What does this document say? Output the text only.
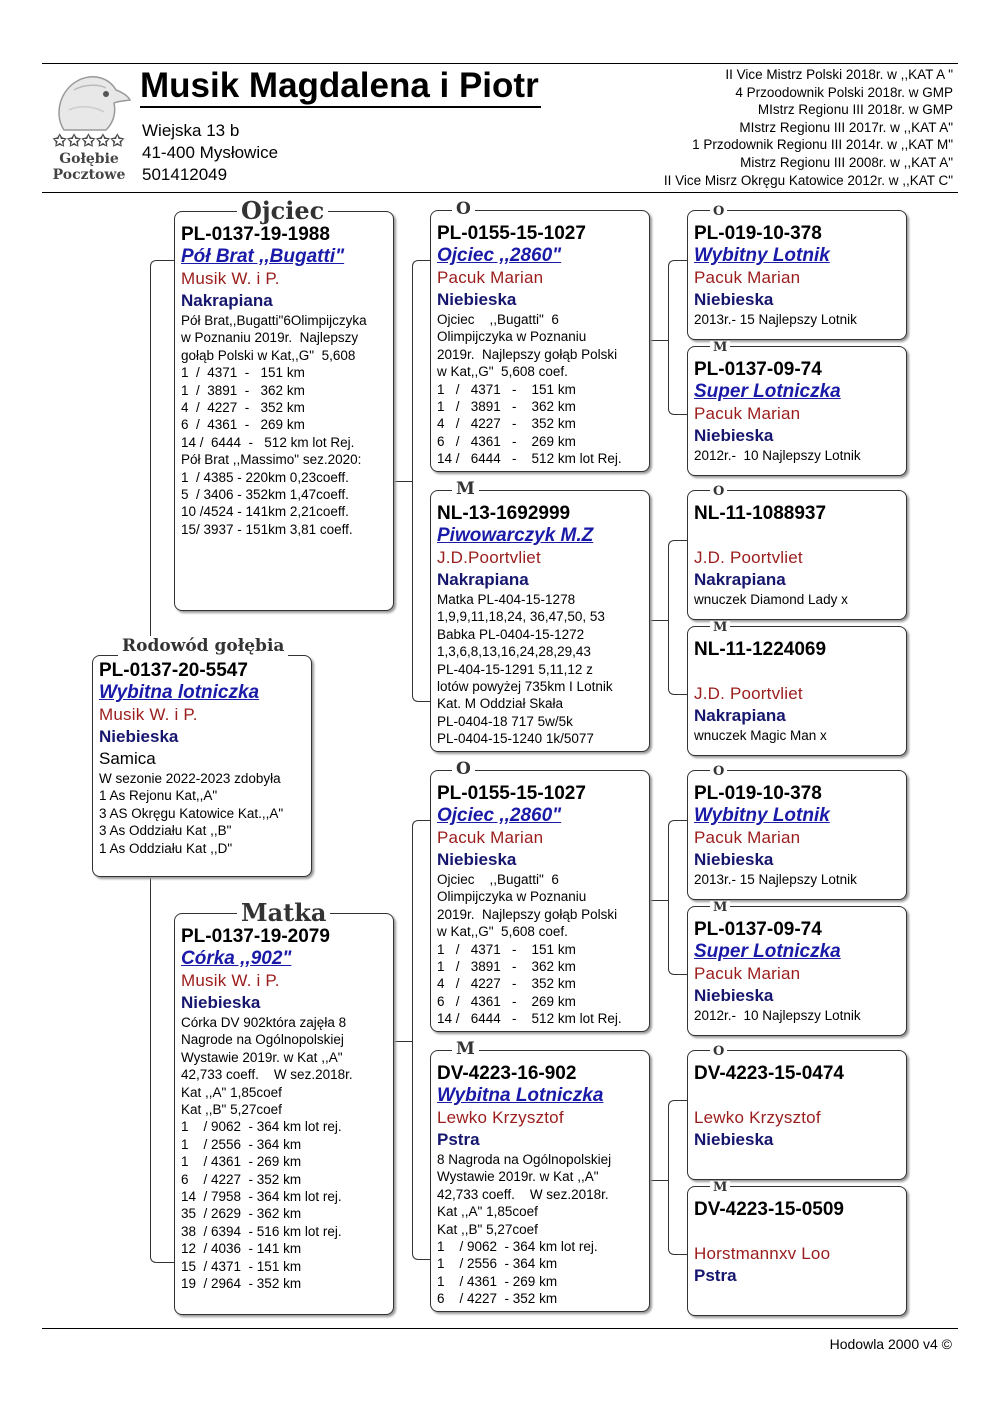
✩✩✩✩✩
Gołębie
Pocztowe
Musik Magdalena i Piotr
Wiejska 13 b
41-400 Mysłowice
501412049
II Vice Mistrz Polski 2018r. w ,,KAT A "
4 Przoodownik Polski 2018r. w GMP
MIstrz Regionu III 2018r. w GMP
MIstrz Regionu III 2017r. w ,,KAT A"
1 Przodownik Regionu III 2014r. w ,,KAT M"
Mistrz Regionu III 2008r. w ,,KAT A"
II Vice Misrz Okręgu Katowice 2012r. w ,,KAT C"
PL-0137-20-5547
Wybitna lotniczka
Musik W. i P.
Niebieska
Samica
W sezonie 2022-2023 zdobyła
1 As Rejonu Kat,,A"
3 AS Okręgu Katowice Kat.,,A"
3 As Oddziału Kat ,,B"
1 As Oddziału Kat ,,D"
Rodowód gołębia
PL-0137-19-1988
Pół Brat ,,Bugatti"
Musik W. i P.
Nakrapiana
Pół Brat,,Bugatti"6Olimpijczyka
w Poznaniu 2019r.  Najlepszy
gołąb Polski w Kat,,G"  5,608
1  /  4371  -   151 km
1  /  3891  -   362 km
4  /  4227  -   352 km
6  /  4361  -   269 km
14 /  6444  -   512 km lot Rej.
Pół Brat ,,Massimo" sez.2020:
1  / 4385 - 220km 0,23coeff.
5  / 3406 - 352km 1,47coeff.
10 /4524 - 141km 2,21coeff.
15/ 3937 - 151km 3,81 coeff.
Ojciec
PL-0137-19-2079
Córka ,,902"
Musik W. i P.
Niebieska
Córka DV 902która zajęła 8
Nagrode na Ogólnopolskiej
Wystawie 2019r. w Kat ,,A"
42,733 coeff.    W sez.2018r.
Kat ,,A" 1,85coef
Kat ,,B" 5,27coef
1    / 9062  - 364 km lot rej.
1    / 2556  - 364 km
1    / 4361  - 269 km
6    / 4227  - 352 km
14  / 7958  - 364 km lot rej.
35  / 2629  - 362 km
38  / 6394  - 516 km lot rej.
12  / 4036  - 141 km
15  / 4371  - 151 km
19  / 2964  - 352 km
Matka
PL-0155-15-1027
Ojciec ,,2860"
Pacuk Marian
Niebieska
Ojciec    ,,Bugatti"  6
Olimpijczyka w Poznaniu
2019r.  Najlepszy gołąb Polski
w Kat,,G"  5,608 coef.
1   /   4371   -    151 km
1   /   3891   -    362 km
4   /   4227   -    352 km
6   /   4361   -    269 km
14 /   6444   -    512 km lot Rej.
O
NL-13-1692999
Piwowarczyk M.Z
J.D.Poortvliet
Nakrapiana
Matka PL-404-15-1278
1,9,9,11,18,24, 36,47,50, 53
Babka PL-0404-15-1272
1,3,6,8,13,16,24,28,29,43
PL-404-15-1291 5,11,12 z
lotów powyżej 735km I Lotnik
Kat. M Oddział Skała
PL-0404-18 717 5w/5k
PL-0404-15-1240 1k/5077
M
PL-0155-15-1027
Ojciec ,,2860"
Pacuk Marian
Niebieska
Ojciec    ,,Bugatti"  6
Olimpijczyka w Poznaniu
2019r.  Najlepszy gołąb Polski
w Kat,,G"  5,608 coef.
1   /   4371   -    151 km
1   /   3891   -    362 km
4   /   4227   -    352 km
6   /   4361   -    269 km
14 /   6444   -    512 km lot Rej.
O
DV-4223-16-902
Wybitna Lotniczka
Lewko Krzysztof
Pstra
8 Nagroda na Ogólnopolskiej
Wystawie 2019r. w Kat ,,A"
42,733 coeff.    W sez.2018r.
Kat ,,A" 1,85coef
Kat ,,B" 5,27coef
1    / 9062  - 364 km lot rej.
1    / 2556  - 364 km
1    / 4361  - 269 km
6    / 4227  - 352 km
M
PL-019-10-378
Wybitny Lotnik
Pacuk Marian
Niebieska
2013r.- 15 Najlepszy Lotnik
O
PL-0137-09-74
Super Lotniczka
Pacuk Marian
Niebieska
2012r.-  10 Najlepszy Lotnik
M
NL-11-1088937
J.D. Poortvliet
Nakrapiana
wnuczek Diamond Lady x
O
NL-11-1224069
J.D. Poortvliet
Nakrapiana
wnuczek Magic Man x
M
PL-019-10-378
Wybitny Lotnik
Pacuk Marian
Niebieska
2013r.- 15 Najlepszy Lotnik
O
PL-0137-09-74
Super Lotniczka
Pacuk Marian
Niebieska
2012r.-  10 Najlepszy Lotnik
M
DV-4223-15-0474
Lewko Krzysztof
Niebieska
O
DV-4223-15-0509
Horstmannxv Loo
Pstra
M
Hodowla 2000 v4 ©
